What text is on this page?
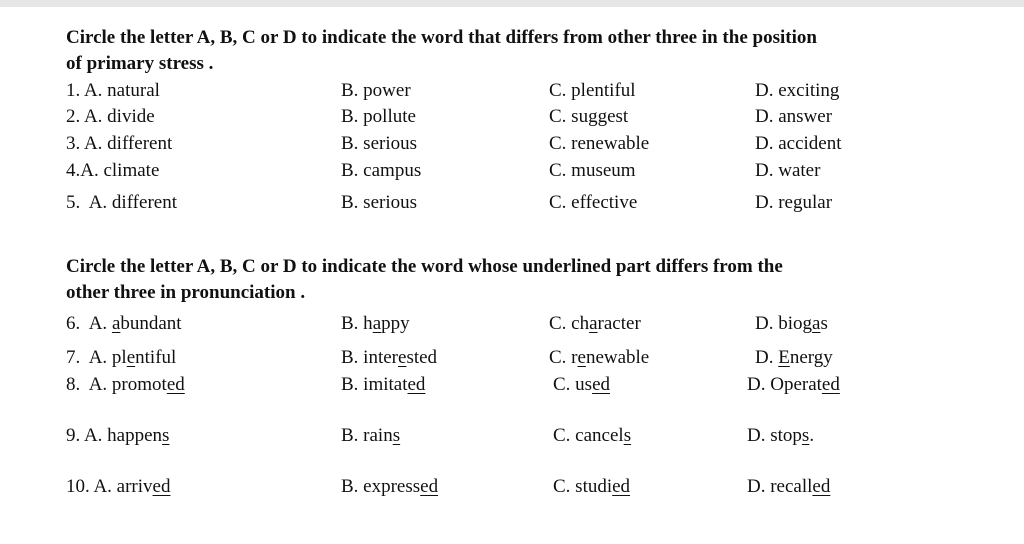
Circle the letter A, B, C or D to indicate the word that differs from other three in the position
of primary stress .
1. A. natural	B. power	C. plentiful	D. exciting
2. A. divide	B. pollute	C. suggest	D. answer
3. A. different	B. serious	C. renewable	D. accident
4.A. climate	B. campus	C. museum	D. water
5.  A. different	B. serious	C. effective	D. regular
Circle the letter A, B, C or D to indicate the word whose underlined part differs from the
other three in pronunciation .
6.  A. abundant	B. happy	C. character	D. biogas
7.  A. plentiful	B. interested	C. renewable	D. Energy
8.  A. promoted	B. imitated	C. used	D. Operated
9. A. happens	B. rains	C. cancels	D. stops.
10. A. arrived	B. expressed	C. studied	D. recalled
